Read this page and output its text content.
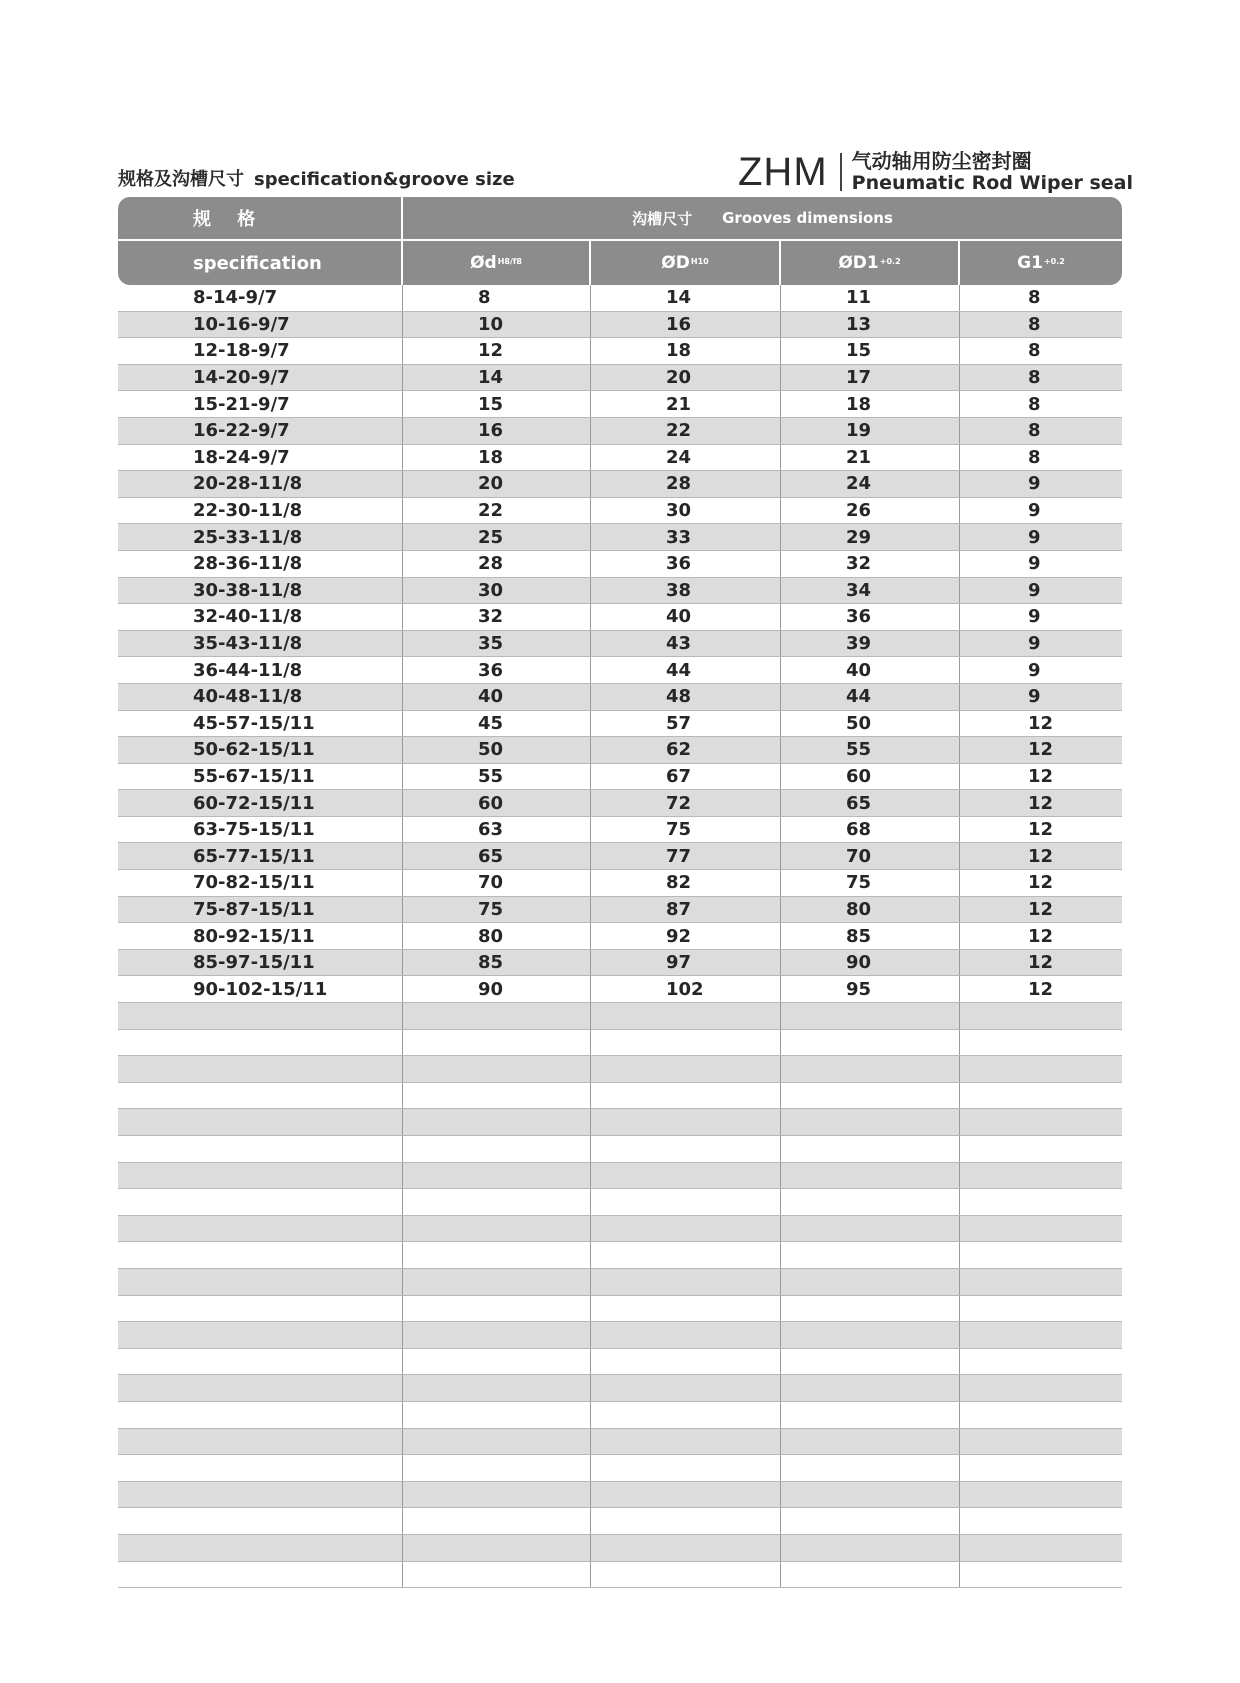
规格及沟槽尺寸 specification&groove size	ZHM 气动轴用防尘密封圈
Pneumatic Rod Wiper seal
规 格	沟槽尺寸 Grooves dimensions
specification	$Ød^{H8/f8}$	$ØD^{H10}$	$ØD1^{+0.2}$	$G1^{+0.2}$
8-14-9/7	8	14	11	8
10-16-9/7	10	16	13	8
12-18-9/7	12	18	15	8
14-20-9/7	14	20	17	8
15-21-9/7	15	21	18	8
16-22-9/7	16	22	19	8
18-24-9/7	18	24	21	8
20-28-11/8	20	28	24	9
22-30-11/8	22	30	26	9
25-33-11/8	25	33	29	9
28-36-11/8	28	36	32	9
30-38-11/8	30	38	34	9
32-40-11/8	32	40	36	9
35-43-11/8	35	43	39	9
36-44-11/8	36	44	40	9
40-48-11/8	40	48	44	9
45-57-15/11	45	57	50	12
50-62-15/11	50	62	55	12
55-67-15/11	55	67	60	12
60-72-15/11	60	72	65	12
63-75-15/11	63	75	68	12
65-77-15/11	65	77	70	12
70-82-15/11	70	82	75	12
75-87-15/11	75	87	80	12
80-92-15/11	80	92	85	12
85-97-15/11	85	97	90	12
90-102-15/11	90	102	95	12
